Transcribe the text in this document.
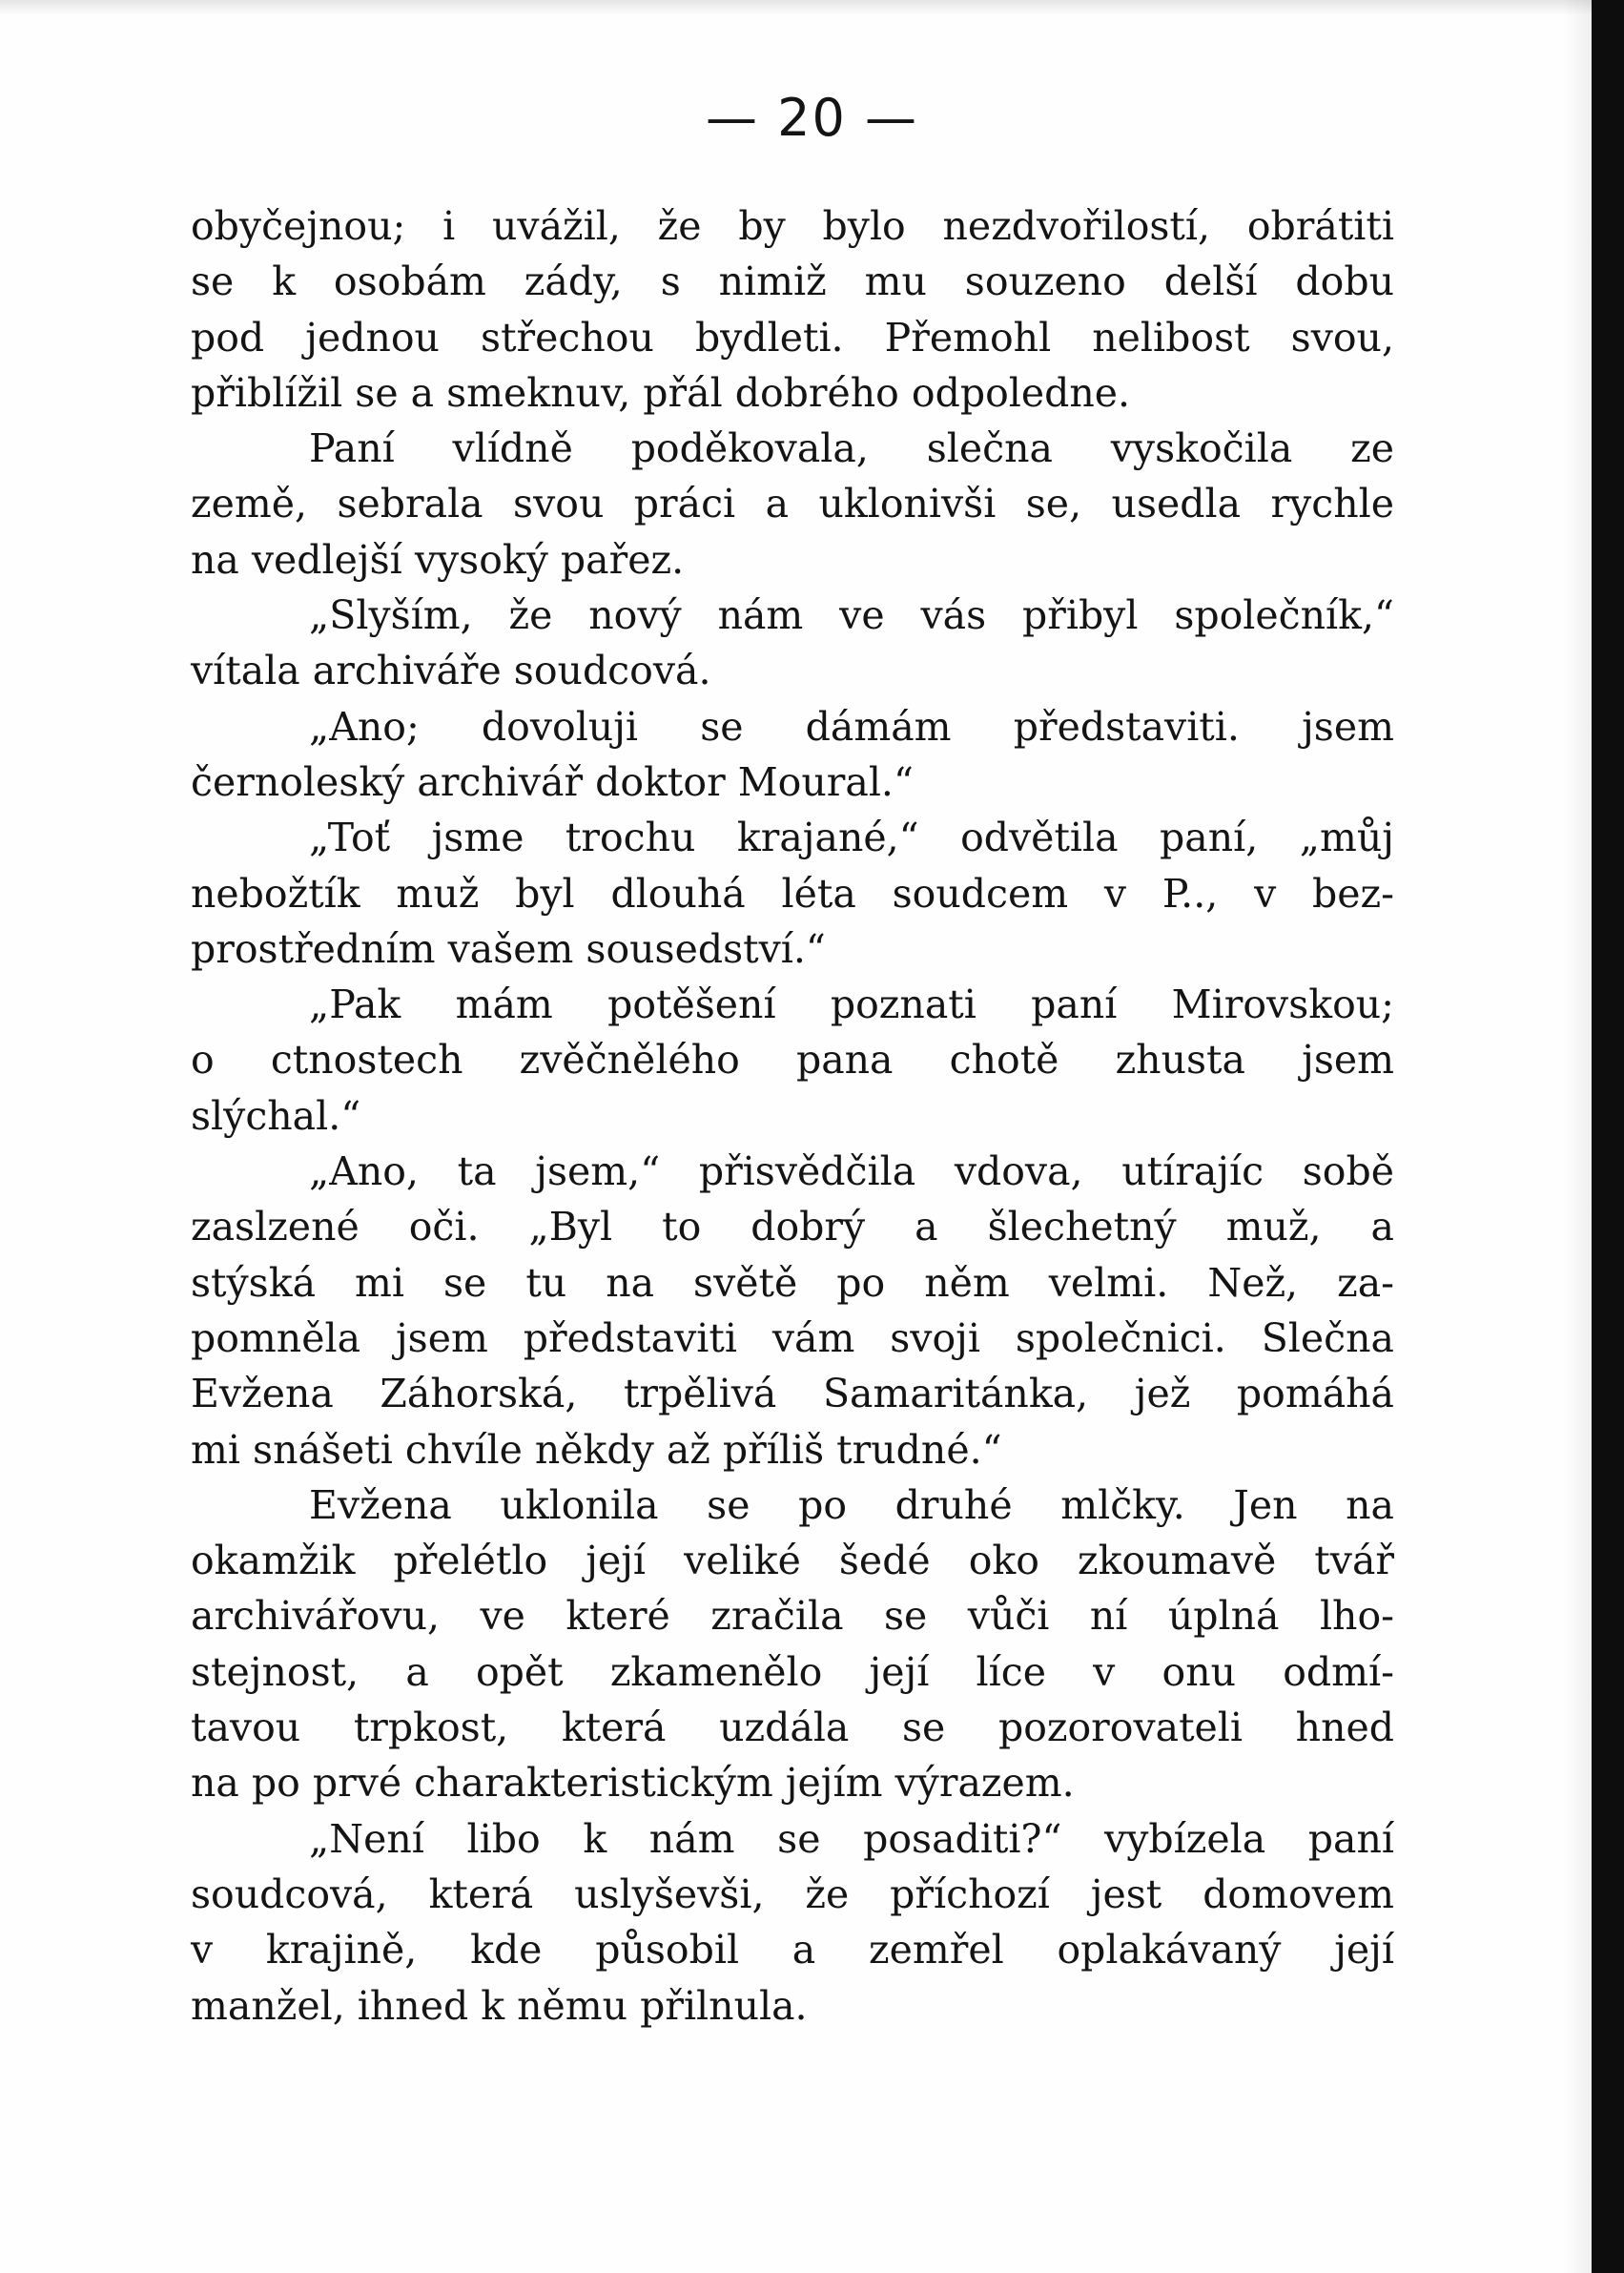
— 20 —
obyčejnou; i uvážil, že by bylo nezdvořilostí, obrátiti
se k osobám zády, s nimiž mu souzeno delší dobu
pod jednou střechou bydleti. Přemohl nelibost svou,
přiblížil se a smeknuv, přál dobrého odpoledne.
Paní vlídně poděkovala, slečna vyskočila ze
země, sebrala svou práci a uklonivši se, usedla rychle
na vedlejší vysoký pařez.
„Slyším, že nový nám ve vás přibyl společník,“
vítala archiváře soudcová.
„Ano; dovoluji se dámám představiti. jsem
černoleský archivář doktor Moural.“
„Toť jsme trochu krajané,“ odvětila paní, „můj
nebožtík muž byl dlouhá léta soudcem v P.., v bez-
prostředním vašem sousedství.“
„Pak mám potěšení poznati paní Mirovskou;
o ctnostech zvěčnělého pana chotě zhusta jsem
slýchal.“
„Ano, ta jsem,“ přisvědčila vdova, utírajíc sobě
zaslzené oči. „Byl to dobrý a šlechetný muž, a
stýská mi se tu na světě po něm velmi. Než, za-
pomněla jsem představiti vám svoji společnici. Slečna
Evžena Záhorská, trpělivá Samaritánka, jež pomáhá
mi snášeti chvíle někdy až příliš trudné.“
Evžena uklonila se po druhé mlčky. Jen na
okamžik přelétlo její veliké šedé oko zkoumavě tvář
archivářovu, ve které zračila se vůči ní úplná lho-
stejnost, a opět zkamenělo její líce v onu odmí-
tavou trpkost, která uzdála se pozorovateli hned
na po prvé charakteristickým jejím výrazem.
„Není libo k nám se posaditi?“ vybízela paní
soudcová, která uslyševši, že příchozí jest domovem
v krajině, kde působil a zemřel oplakávaný její
manžel, ihned k němu přilnula.
